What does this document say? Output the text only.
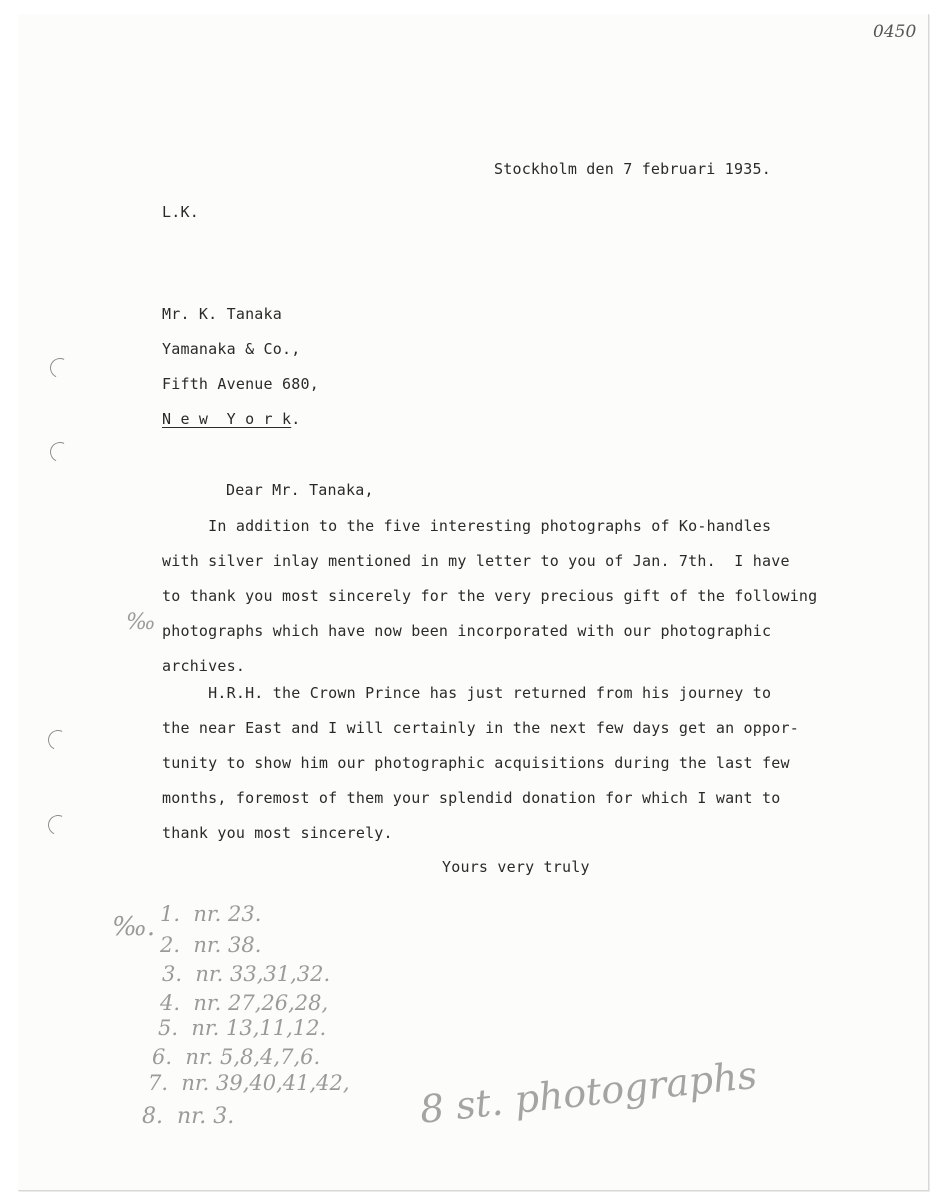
0450
Stockholm den 7 februari 1935.
L.K.
Mr. K. Tanaka
Yamanaka & Co.,
Fifth Avenue 680,
N e w  Y o r k.
Dear Mr. Tanaka,
In addition to the five interesting photographs of Ko-handles
with silver inlay mentioned in my letter to you of Jan. 7th.  I have
to thank you most sincerely for the very precious gift of the following
photographs which have now been incorporated with our photographic
archives.
‰
H.R.H. the Crown Prince has just returned from his journey to
the near East and I will certainly in the next few days get an oppor-
tunity to show him our photographic acquisitions during the last few
months, foremost of them your splendid donation for which I want to
thank you most sincerely.
Yours very truly
‰. 1.  nr. 23.
2.  nr. 38.
3.  nr. 33,31,32.
4.  nr. 27,26,28,
5.  nr. 13,11,12.
6.  nr. 5,8,4,7,6.
7.  nr. 39,40,41,42,
8.  nr. 3.	8 st. photographs
